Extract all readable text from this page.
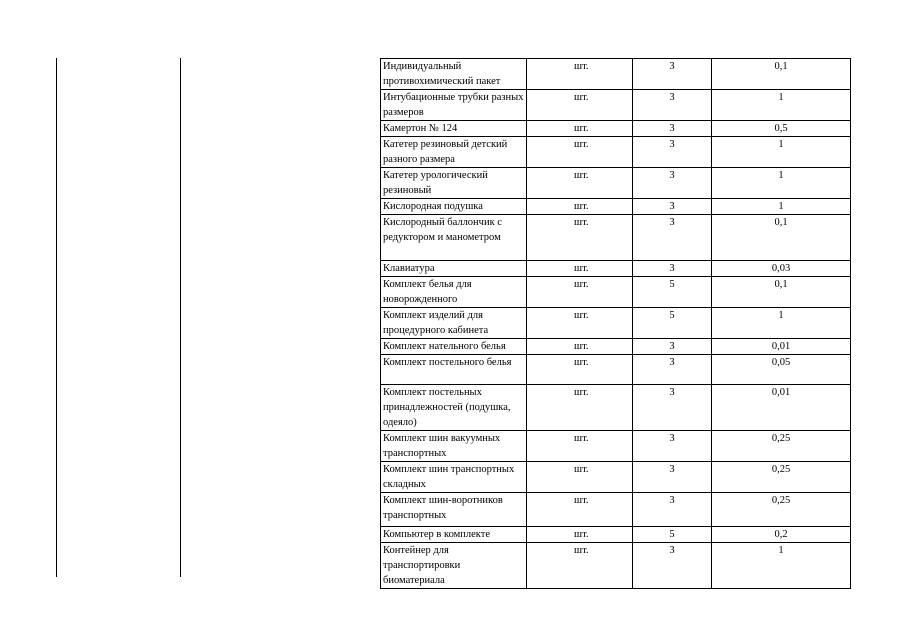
Индивидуальный противохимический пакет	шт.	3	0,1
Интубационные трубки разных размеров	шт.	3	1
Камертон № 124	шт.	3	0,5
Катетер резиновый детский разного размера	шт.	3	1
Катетер урологический резиновый	шт.	3	1
Кислородная подушка	шт.	3	1
Кислородный баллончик с редуктором и манометром	шт.	3	0,1
Клавиатура	шт.	3	0,03
Комплект белья для новорожденного	шт.	5	0,1
Комплект изделий для процедурного кабинета	шт.	5	1
Комплект нательного белья	шт.	3	0,01
Комплект постельного белья	шт.	3	0,05
Комплект постельных принадлежностей (подушка, одеяло)	шт.	3	0,01
Комплект шин вакуумных транспортных	шт.	3	0,25
Комплект шин транспортных складных	шт.	3	0,25
Комплект шин-воротников транспортных	шт.	3	0,25
Компьютер в комплекте	шт.	5	0,2
Контейнер для транспортировки биоматериала	шт.	3	1
